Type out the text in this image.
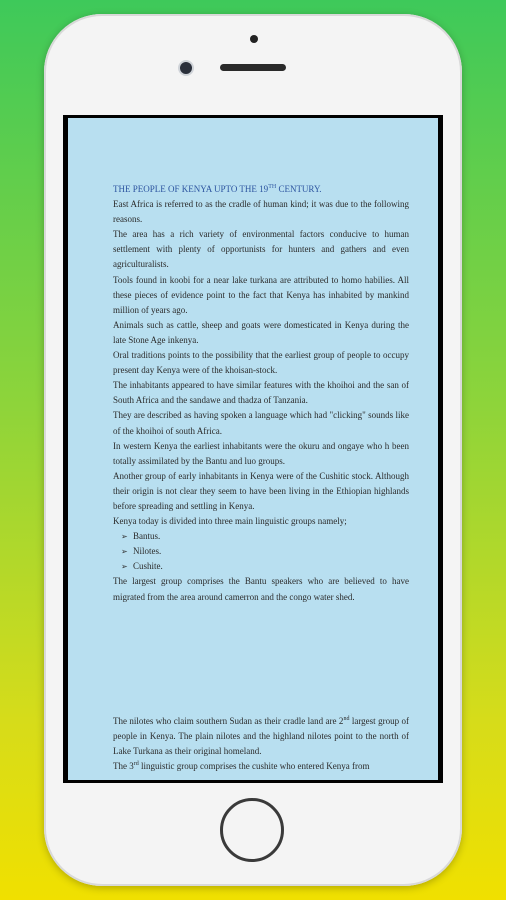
THE PEOPLE OF KENYA UPTO THE 19TH CENTURY.

East Africa is referred to as the cradle of human kind; it was due to the following reasons.

The area has a rich variety of environmental factors conducive to human settlement with plenty of opportunists for hunters and gathers and even agriculturalists.

Tools found in koobi for a near lake turkana are attributed to homo habilies. All these pieces of evidence point to the fact that Kenya has inhabited by mankind million of years ago.

Animals such as cattle, sheep and goats were domesticated in Kenya during the late Stone Age inkenya.

Oral traditions points to the possibility that the earliest group of people to occupy present day Kenya were of the khoisan-stock.

The inhabitants appeared to have similar features with the khoihoi and the san of South Africa and the sandawe and thadza of Tanzania.

They are described as having spoken a language which had "clicking" sounds like of the khoihoi of south Africa.

In western Kenya the earliest inhabitants were the okuru and ongaye who h been totally assimilated by the Bantu and luo groups.

Another group of early inhabitants in Kenya were of the Cushitic stock. Although their origin is not clear they seem to have been living in the Ethiopian highlands before spreading and settling in Kenya.

Kenya today is divided into three main linguistic groups namely;

➢ Bantus.
➢ Nilotes.
➢ Cushite.

The largest group comprises the Bantu speakers who are believed to have migrated from the area around camerron and the congo water shed.

The nilotes who claim southern Sudan as their cradle land are 2nd largest group of people in Kenya. The plain nilotes and the highland nilotes point to the north of Lake Turkana as their original homeland.

The 3rd linguistic group comprises the cushite who entered Kenya from
